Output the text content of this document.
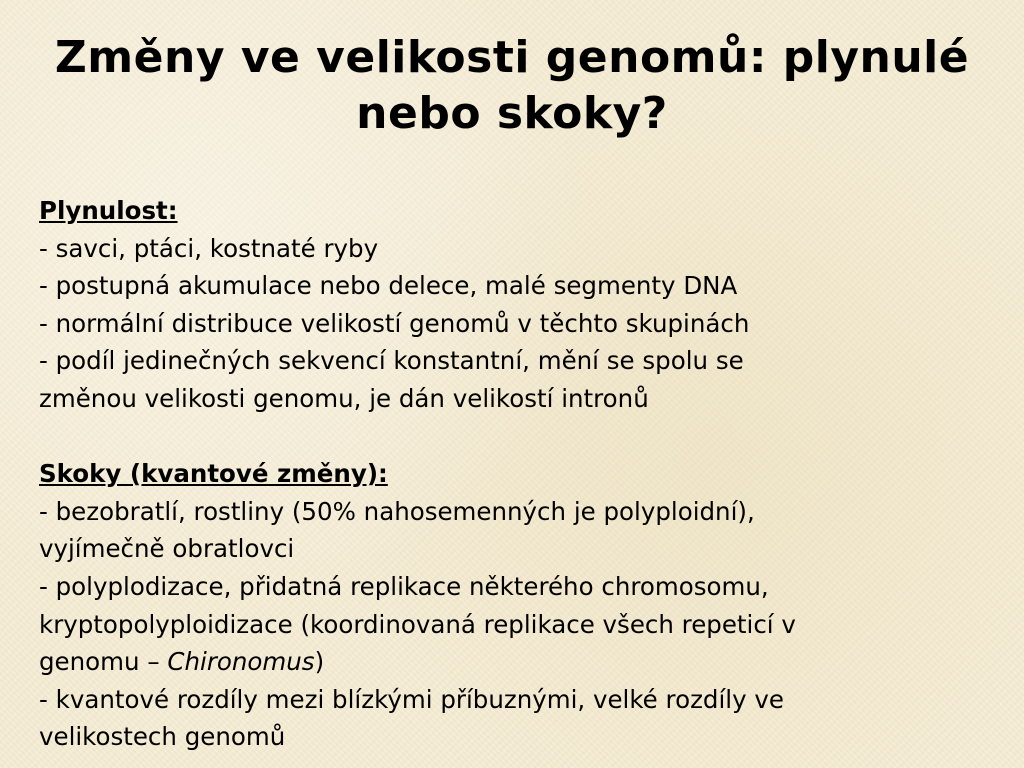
Změny ve velikosti genomů: plynulé
nebo skoky?
Plynulost:
- savci, ptáci, kostnaté ryby
- postupná akumulace nebo delece, malé segmenty DNA
- normální distribuce velikostí genomů v těchto skupinách
- podíl jedinečných sekvencí konstantní, mění se spolu se
změnou velikosti genomu, je dán velikostí intronů
Skoky (kvantové změny):
- bezobratlí, rostliny (50% nahosemenných je polyploidní),
vyjímečně obratlovci
- polyplodizace, přidatná replikace některého chromosomu,
kryptopolyploidizace (koordinovaná replikace všech repeticí v
genomu – Chironomus)
- kvantové rozdíly mezi blízkými příbuznými, velké rozdíly ve
velikostech genomů
